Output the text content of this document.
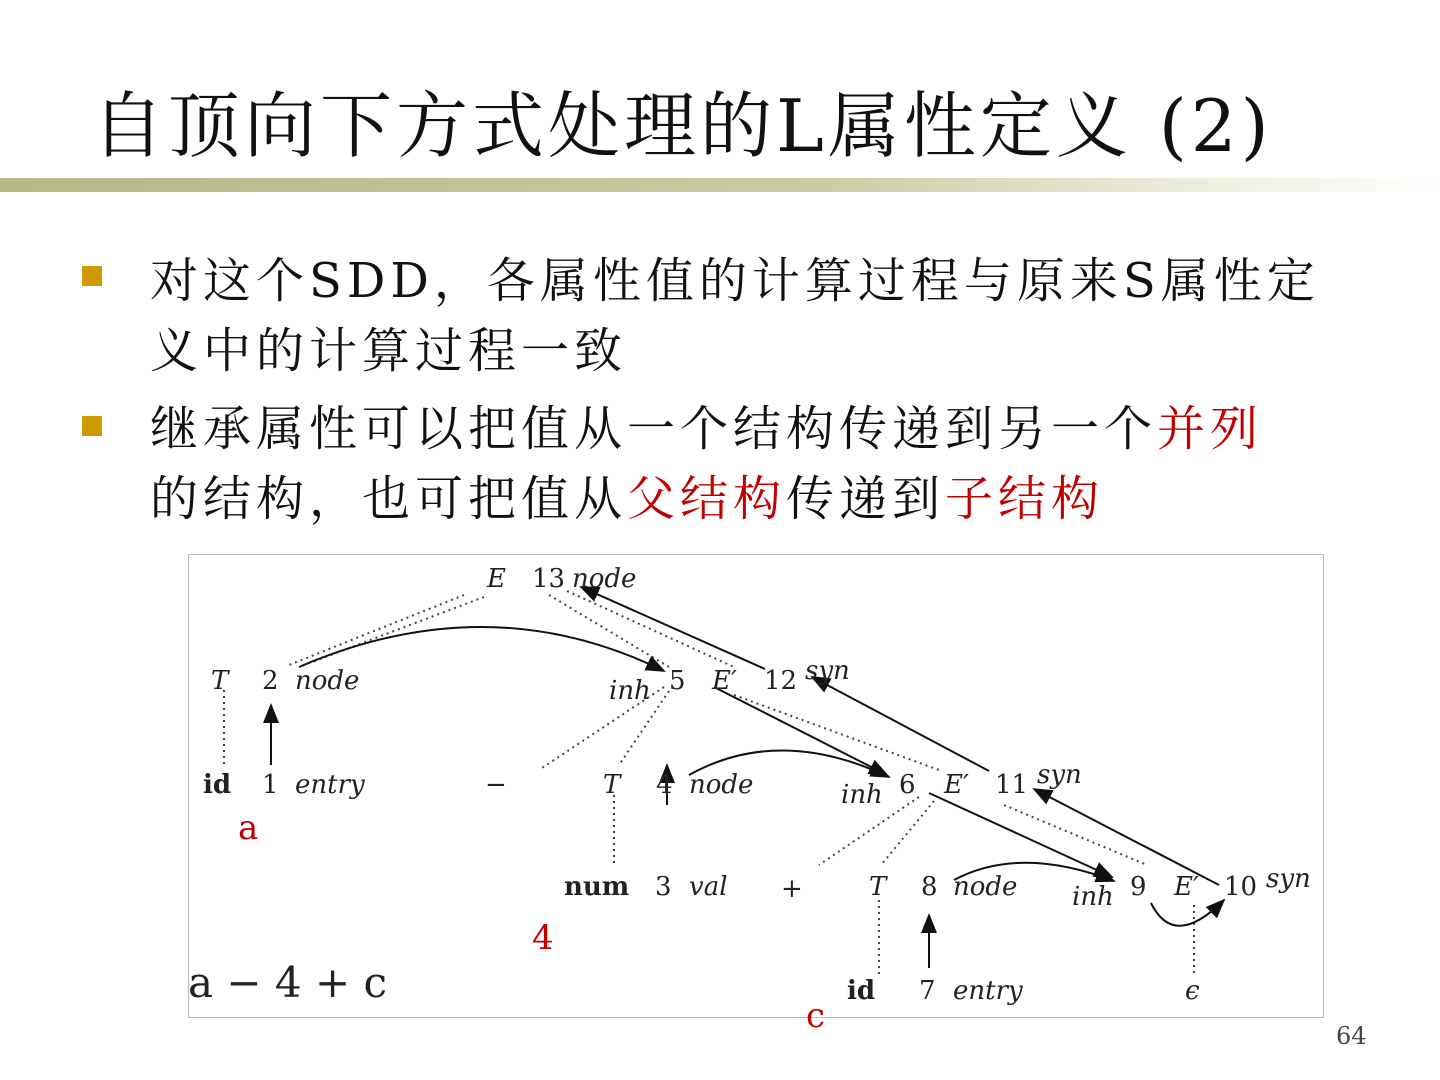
自顶向下方式处理的L属性定义 (2)
对这个SDD，各属性值的计算过程与原来S属性定
义中的计算过程一致
继承属性可以把值从一个结构传递到另一个并列
的结构，也可把值从父结构传递到子结构
E 13 node
T 2 node	inh 5 E′ 12 syn
id 1 entry	−	T 4 node	inh 6 E′ 11 syn
num 3 val +	T 8 node inh 9 E′ 10 syn
id 7 entry	ϵ
a
4
c
a − 4 + c
64
